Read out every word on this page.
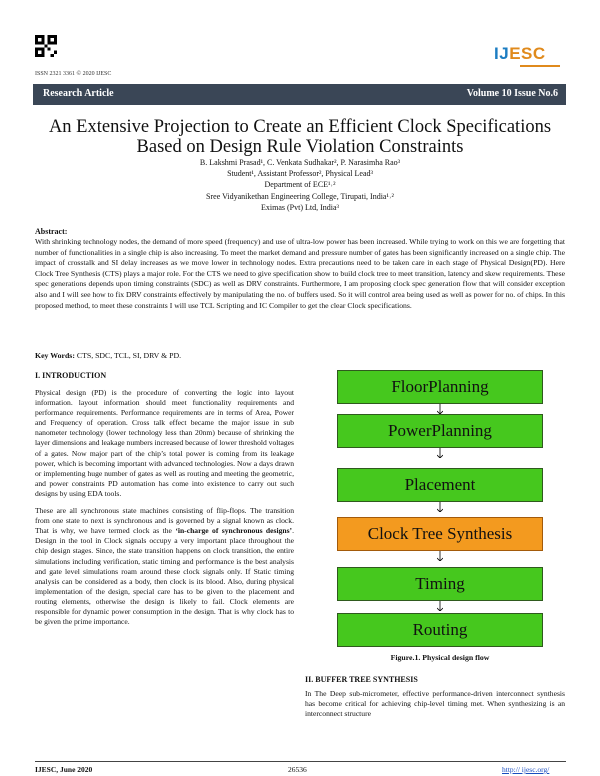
ISSN 2321 3361 © 2020 IJESC
IJESC
Research Article	Volume 10 Issue No.6
An Extensive Projection to Create an Efficient Clock Specifications Based on Design Rule Violation Constraints
B. Lakshmi Prasad¹, C. Venkata Sudhakar², P. Narasimha Rao³
Student¹, Assistant Professor², Physical Lead³
Department of ECE¹˒²
Sree Vidyanikethan Engineering College, Tirupati, India¹˒²
Eximas (Pvt) Ltd, India³
Abstract:
With shrinking technology nodes, the demand of more speed (frequency) and use of ultra-low power has been increased. While trying to work on this we are forgetting that number of functionalities in a single chip is also increasing. To meet the market demand and pressure number of gates has been significantly increased on a single chip. The impact of crosstalk and SI delay increases as we move lower in technology nodes. Extra precautions need to be taken care in each stage of Physical Design(PD). Here Clock Tree Synthesis (CTS) plays a major role. For the CTS we need to give specification show to build clock tree to meet transition, latency and skew requirements. These spec generations depends upon timing constraints (SDC) as well as DRV constraints. Furthermore, I am proposing clock spec generation flow that will consider exception also and I will see how to fix DRV constraints effectively by manipulating the no. of buffers used. So it will control area being used as well as power for no. of chips. In this proposed method, to meet these constraints I will use TCL Scripting and IC Compiler to get the clear Clock specifications.
Key Words: CTS, SDC, TCL, SI, DRV & PD.
I. INTRODUCTION

Physical design (PD) is the procedure of converting the logic into layout information. layout information should meet functionality requirements and performance requirements. Performance requirements are in terms of Area, Power and Frequency of operation. Cross talk effect became the major issue in sub nanometer technology (lower technology less than 20nm) because of shrinking the layer dimensions and leakage numbers increased because of lower threshold voltages of a gates. Now major part of the chip’s total power is coming from its leakage power, which is becoming important with advanced technologies. Now a days drawn or implementing huge number of gates as well as routing and meeting the geometric, and power constraints PD automation has come into existence to carry out such designs by using EDA tools.

These are all synchronous state machines consisting of flip-flops. The transition from one state to next is synchronous and is governed by a signal known as clock. That is why, we have termed clock as the ‘in-charge of synchronous designs’. Design in the tool in Clock signals occupy a very important place throughout the chip design stages. Since, the state transition happens on clock transition, the entire simulations including verification, static timing and performance is the best analysis and gate level simulations roam around these clock signals only. If Static timing analysis can be considered as a body, then clock is its blood. Also, during physical implementation of the design, special care has to be given to the placement and routing elements, otherwise the design is likely to fail. Clock elements are responsible for dynamic power consumption in the design. That is why clock has to be given the prime importance.

FloorPlanning
PowerPlanning
Placement
Clock Tree Synthesis
Timing
Routing
Figure.1. Physical design flow
II. BUFFER TREE SYNTHESIS
In The Deep sub-micrometer, effective performance-driven interconnect synthesis has become critical for achieving chip-level timing met. When synthesizing is an interconnect structure
IJESC, June 2020	26536	http:// ijesc.org/
